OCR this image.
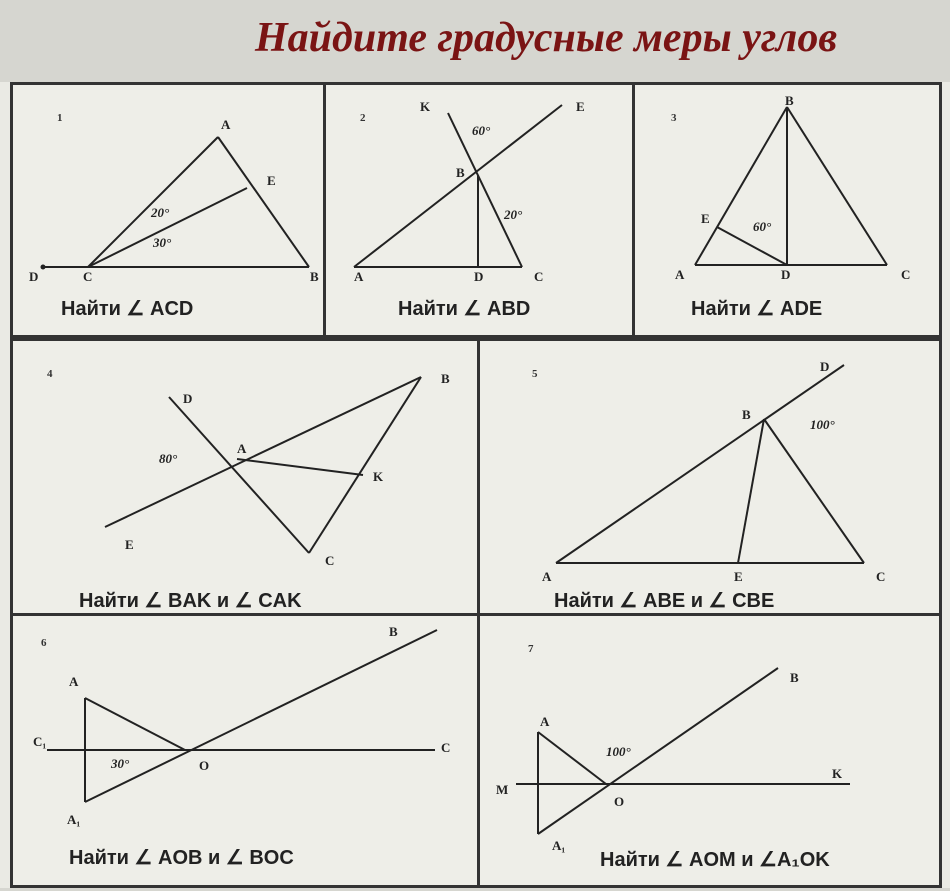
Найдите градусные меры углов
1	A
B
C
D
E
20°
30°
Найти ∠ ACD
2
K	E
B
A	D	C
60°
20°
Найти ∠ ABD
3
B
A	C
D
E
60°
Найти ∠ ADE
4	B
D
A
K
C
E
80°
Найти ∠ BAK и ∠ CAK
5	D
B
A	E	C
100°
Найти ∠ ABE и ∠ CBE
6
A
C₁
A₁
B
C
O
30°
Найти ∠ AOB и ∠ BOC
7
B
A
M
K
O
A₁
100°
Найти ∠ AOM и ∠A₁OK
